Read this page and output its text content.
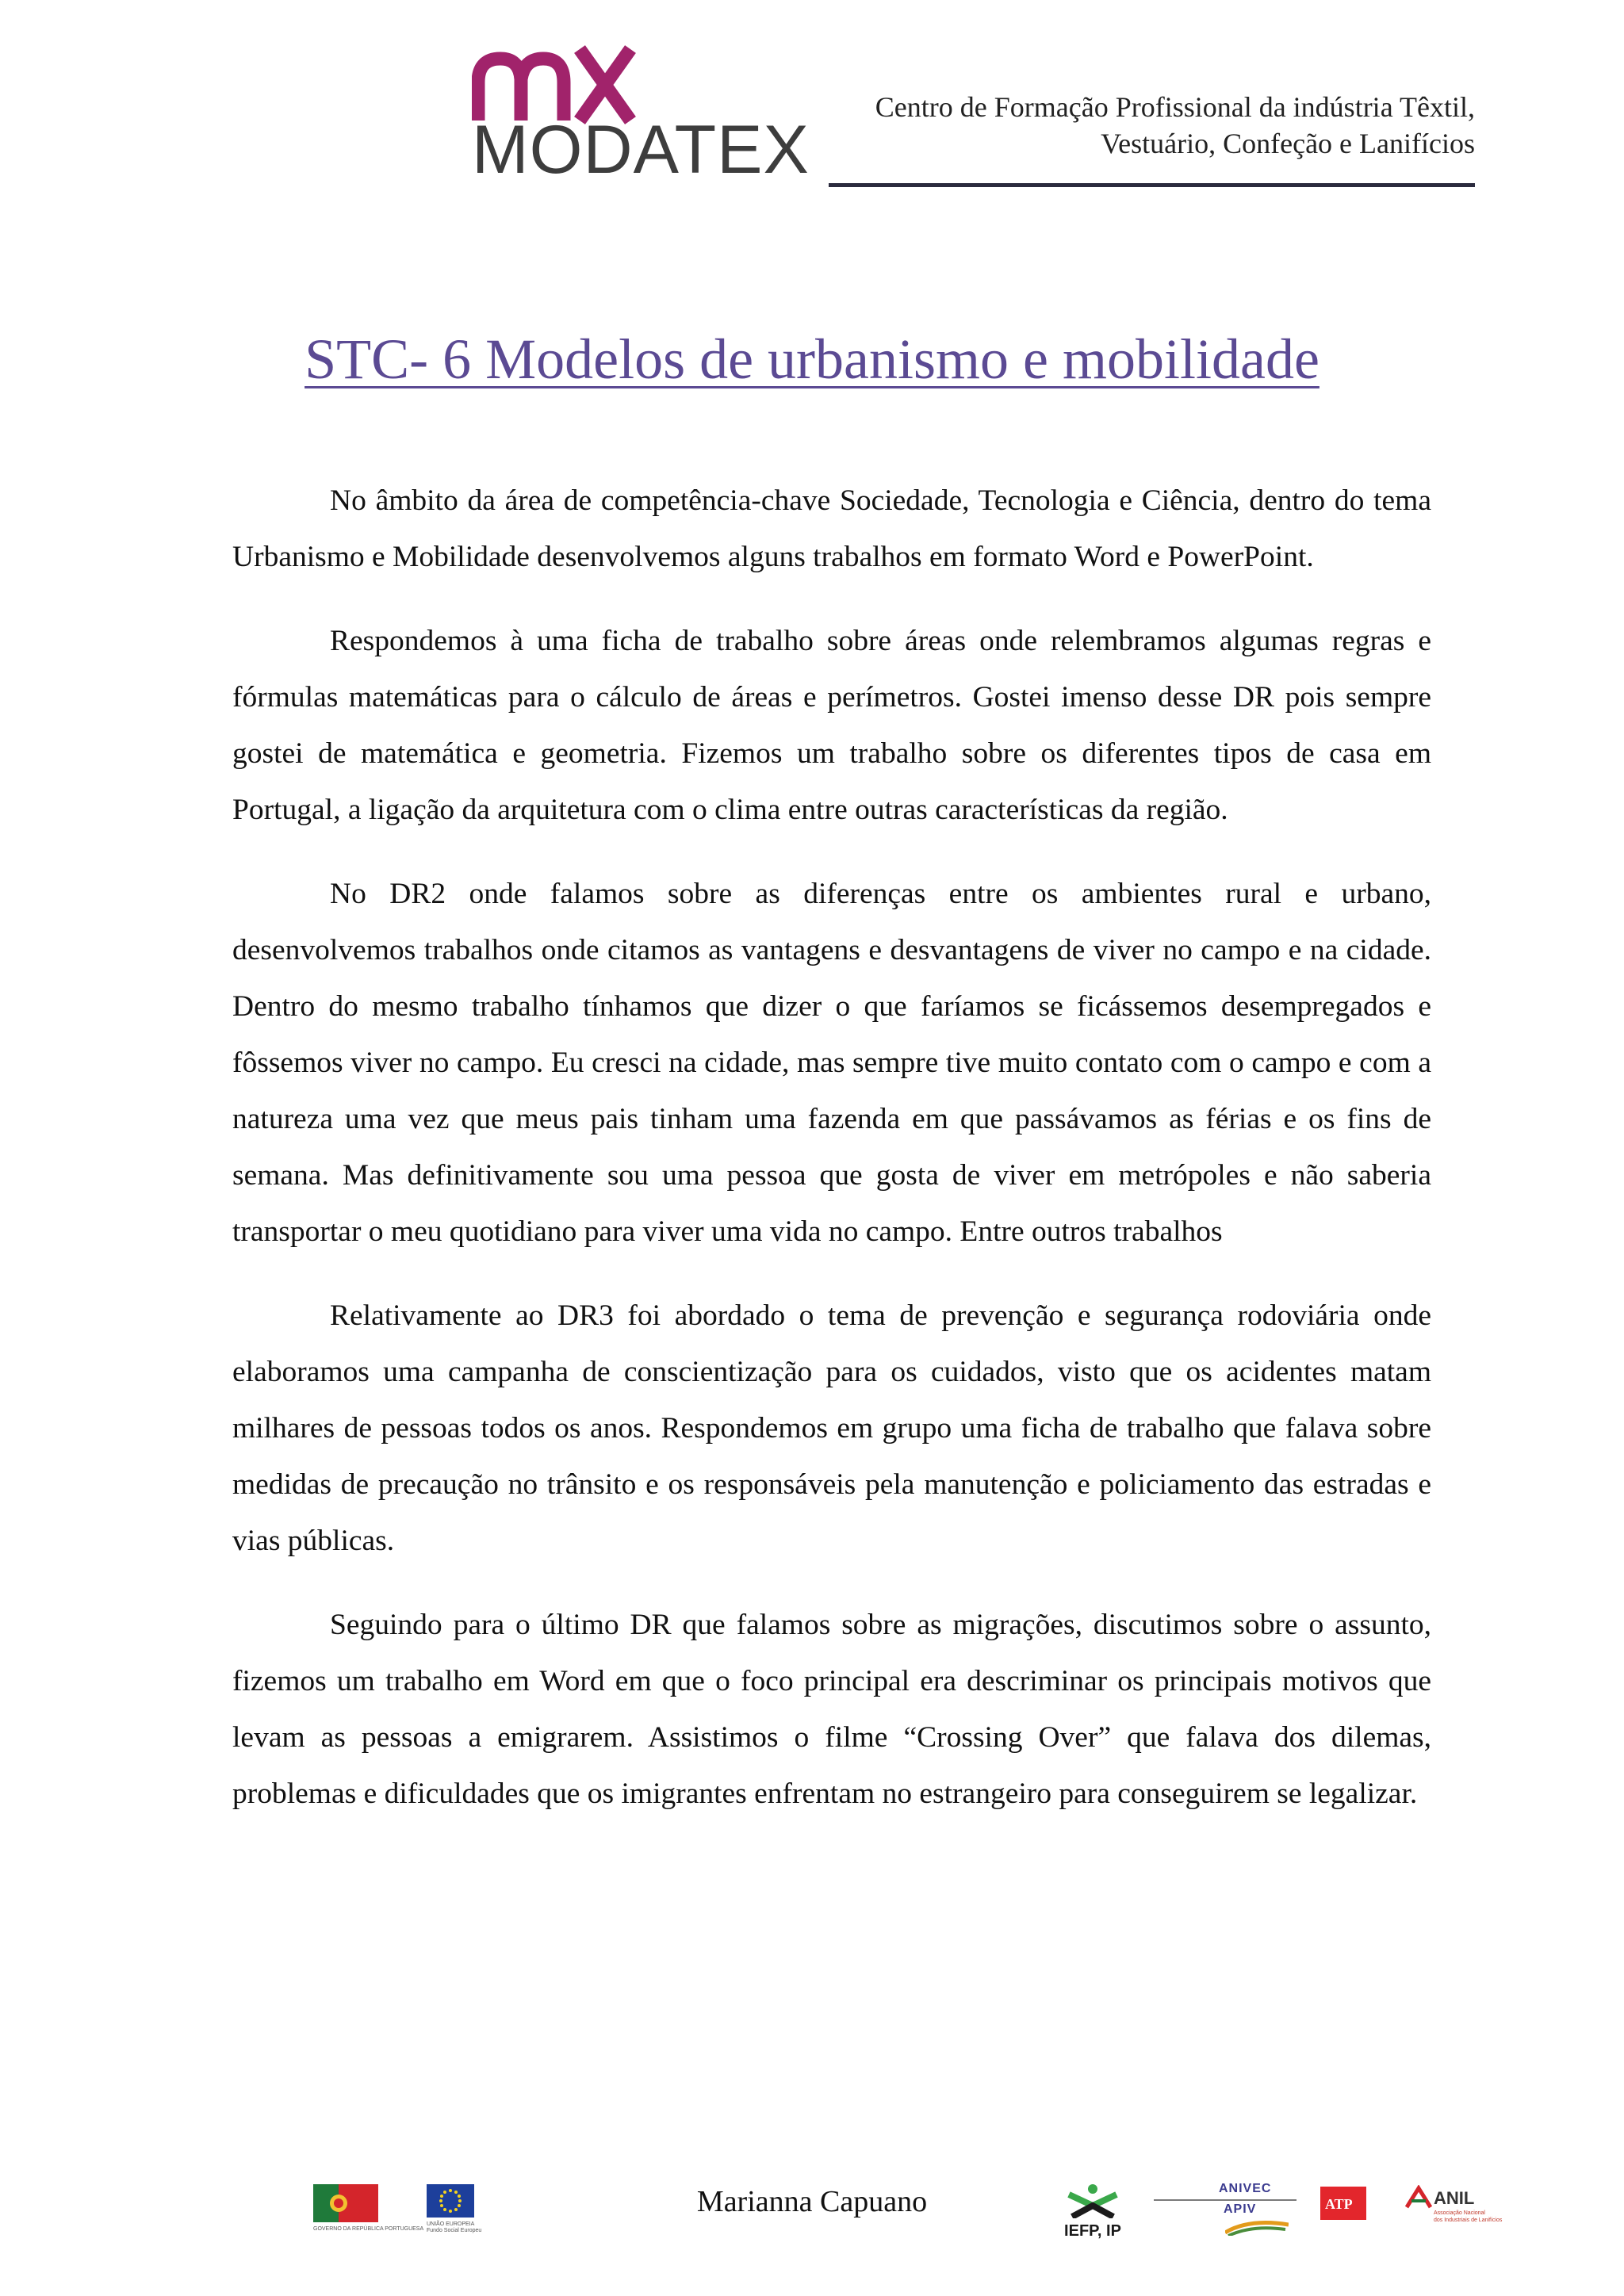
MODATEX
Centro de Formação Profissional da indústria Têxtil,
Vestuário, Confeção e Lanifícios
STC- 6 Modelos de urbanismo e mobilidade

No âmbito da área de competência-chave Sociedade, Tecnologia e Ciência, dentro do tema Urbanismo e Mobilidade desenvolvemos alguns trabalhos em formato Word e PowerPoint.

Respondemos à uma ficha de trabalho sobre áreas onde relembramos algumas regras e fórmulas matemáticas para o cálculo de áreas e perímetros. Gostei imenso desse DR pois sempre gostei de matemática e geometria. Fizemos um trabalho sobre os diferentes tipos de casa em Portugal, a ligação da arquitetura com o clima entre outras características da região.

No DR2 onde falamos sobre as diferenças entre os ambientes rural e urbano, desenvolvemos trabalhos onde citamos as vantagens e desvantagens de viver no campo e na cidade. Dentro do mesmo trabalho tínhamos que dizer o que faríamos se ficássemos desempregados e fôssemos viver no campo. Eu cresci na cidade, mas sempre tive muito contato com o campo e com a natureza uma vez que meus pais tinham uma fazenda em que passávamos as férias e os fins de semana. Mas definitivamente sou uma pessoa que gosta de viver em metrópoles e não saberia transportar o meu quotidiano para viver uma vida no campo. Entre outros trabalhos

Relativamente ao DR3 foi abordado o tema de prevenção e segurança rodoviária onde elaboramos uma campanha de conscientização para os cuidados, visto que os acidentes matam milhares de pessoas todos os anos. Respondemos em grupo uma ficha de trabalho que falava sobre medidas de precaução no trânsito e os responsáveis pela manutenção e policiamento das estradas e vias públicas.

Seguindo para o último DR que falamos sobre as migrações, discutimos sobre o assunto, fizemos um trabalho em Word em que o foco principal era descriminar os principais motivos que levam as pessoas a emigrarem. Assistimos o filme “Crossing Over” que falava dos dilemas, problemas e dificuldades que os imigrantes enfrentam no estrangeiro para conseguirem se legalizar.

Marianna Capuano
GOVERNO DA REPÚBLICA PORTUGUESA
UNIÃO EUROPEIA
Fundo Social Europeu	IEFP, IP
ANIVEC
APIV	ATP	ANIL
Associação Nacional
dos Industriais de Lanifícios
